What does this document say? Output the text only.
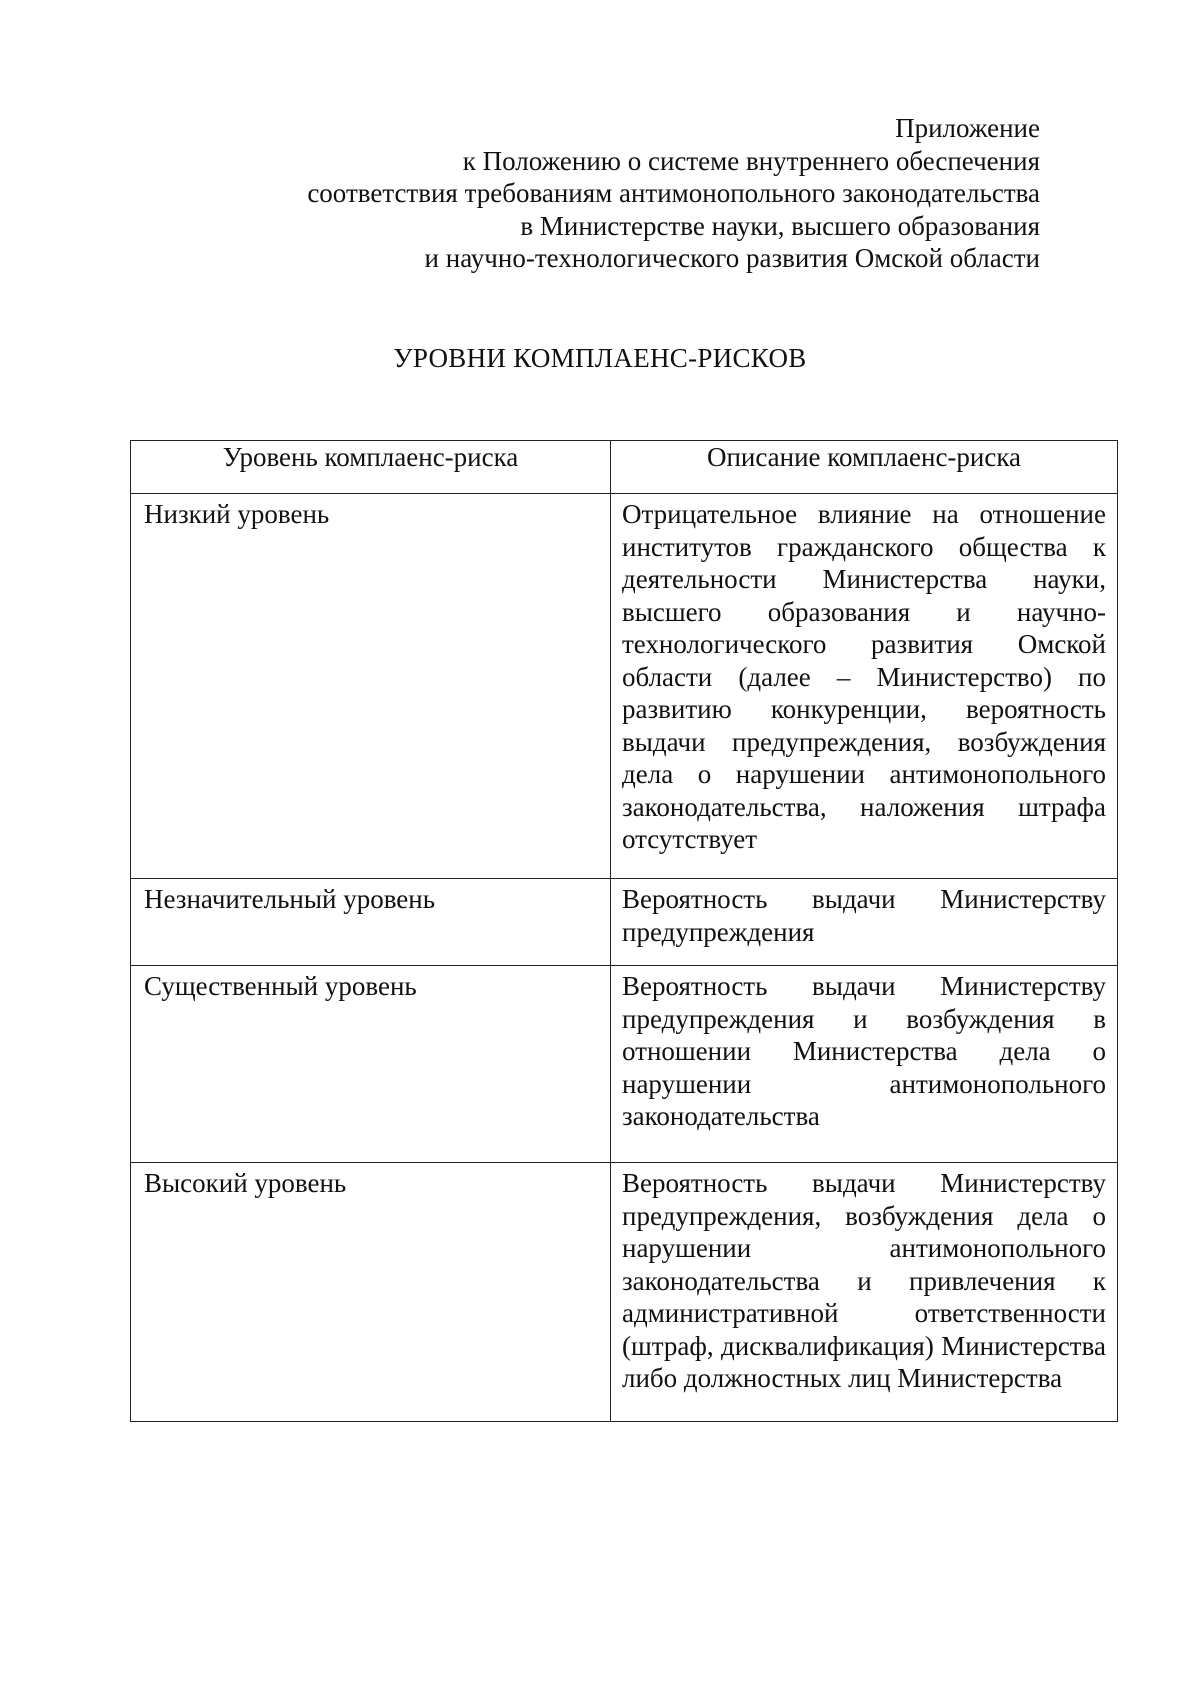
Приложение
к Положению о системе внутреннего обеспечения
соответствия требованиям антимонопольного законодательства
в Министерстве науки, высшего образования
и научно-технологического развития Омской области
УРОВНИ КОМПЛАЕНС-РИСКОВ
Уровень комплаенс-риска	Описание комплаенс-риска
Низкий уровень	Отрицательное влияние на отношение институтов гражданского общества к деятельности Министерства науки, высшего образования и научно-технологического развития Омской области (далее – Министерство) по развитию конкуренции, вероятность выдачи предупреждения, возбуждения дела о нарушении антимонопольного законодательства, наложения штрафа отсутствует
Незначительный уровень	Вероятность выдачи Министерству предупреждения
Существенный уровень	Вероятность выдачи Министерству предупреждения и возбуждения в отношении Министерства дела о нарушении антимонопольного законодательства
Высокий уровень	Вероятность выдачи Министерству предупреждения, возбуждения дела о нарушении антимонопольного законодательства и привлечения к административной ответственности (штраф, дисквалификация) Министерства либо должностных лиц Министерства
